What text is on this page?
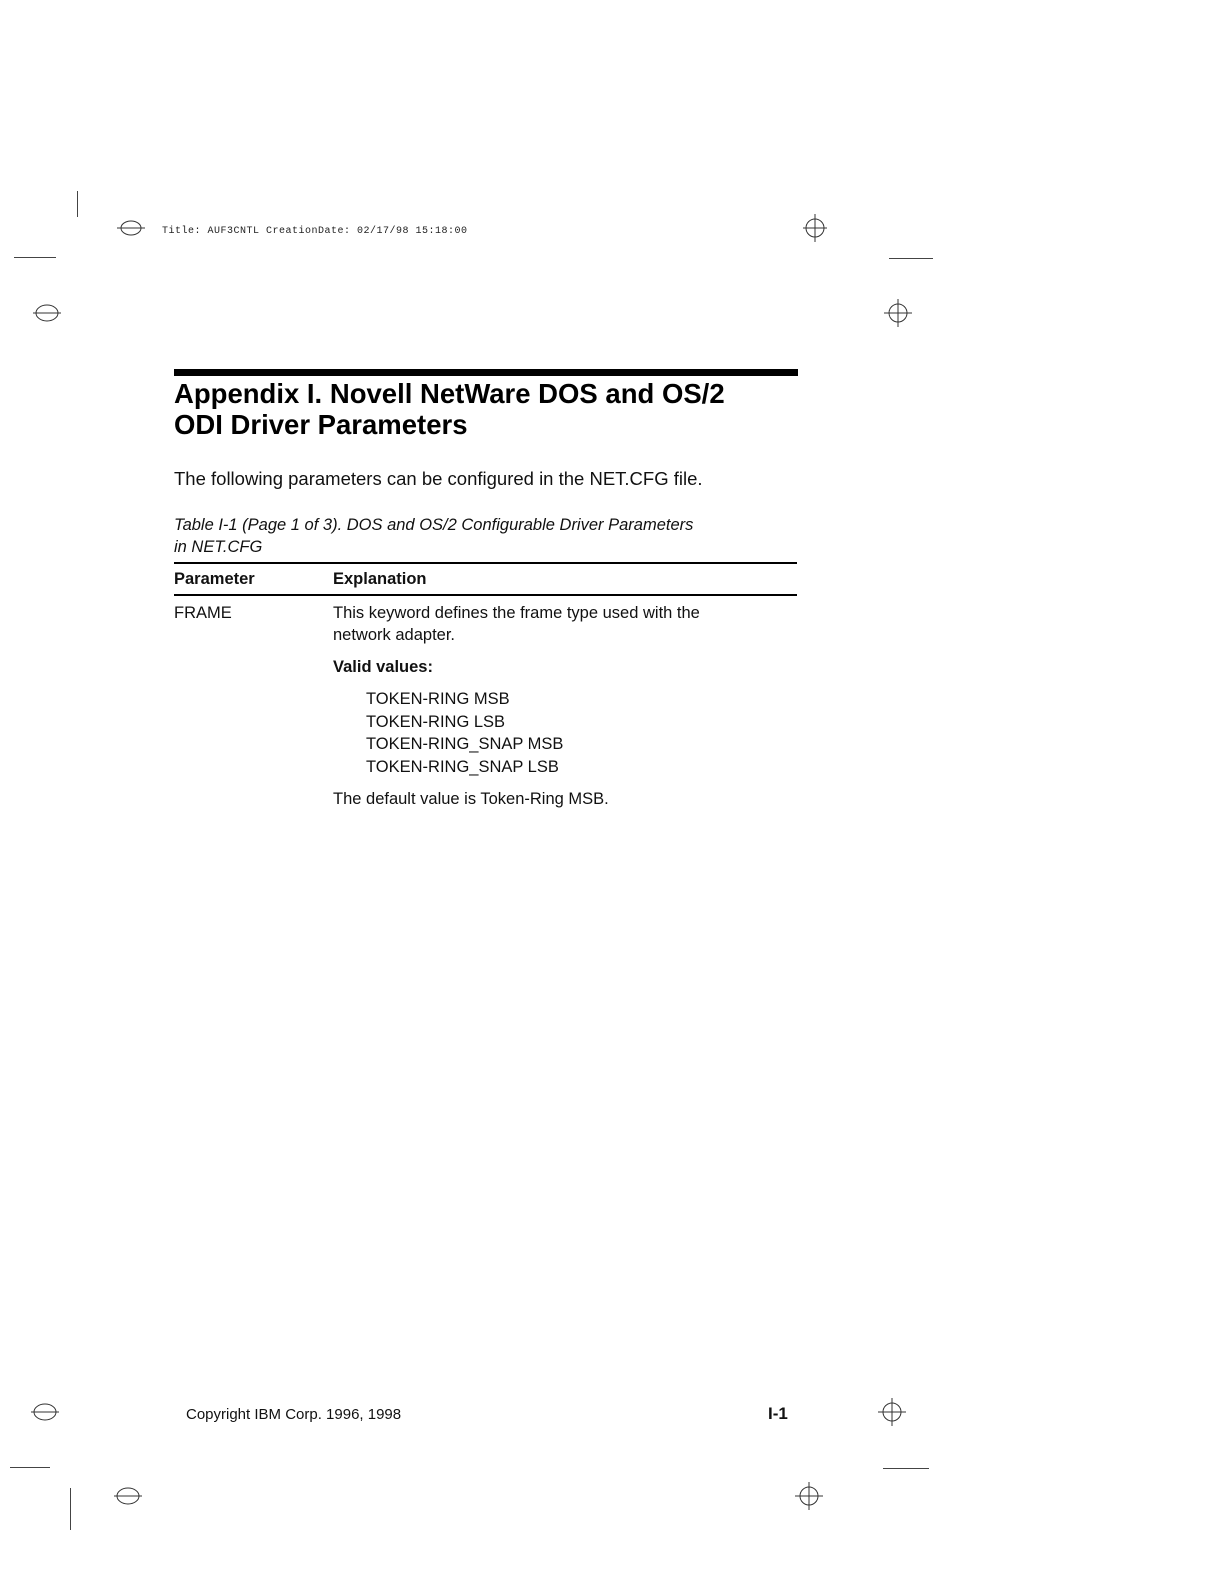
Title: AUF3CNTL CreationDate: 02/17/98 15:18:00
Appendix I. Novell NetWare DOS and OS/2
ODI Driver Parameters
The following parameters can be configured in the NET.CFG file.
Table I-1 (Page 1 of 3). DOS and OS/2 Configurable Driver Parameters
in NET.CFG
Parameter	Explanation
FRAME	This keyword defines the frame type used with the
network adapter.
Valid values:
TOKEN-RING MSB
TOKEN-RING LSB
TOKEN-RING_SNAP MSB
TOKEN-RING_SNAP LSB
The default value is Token-Ring MSB.
Copyright IBM Corp. 1996, 1998	I-1
